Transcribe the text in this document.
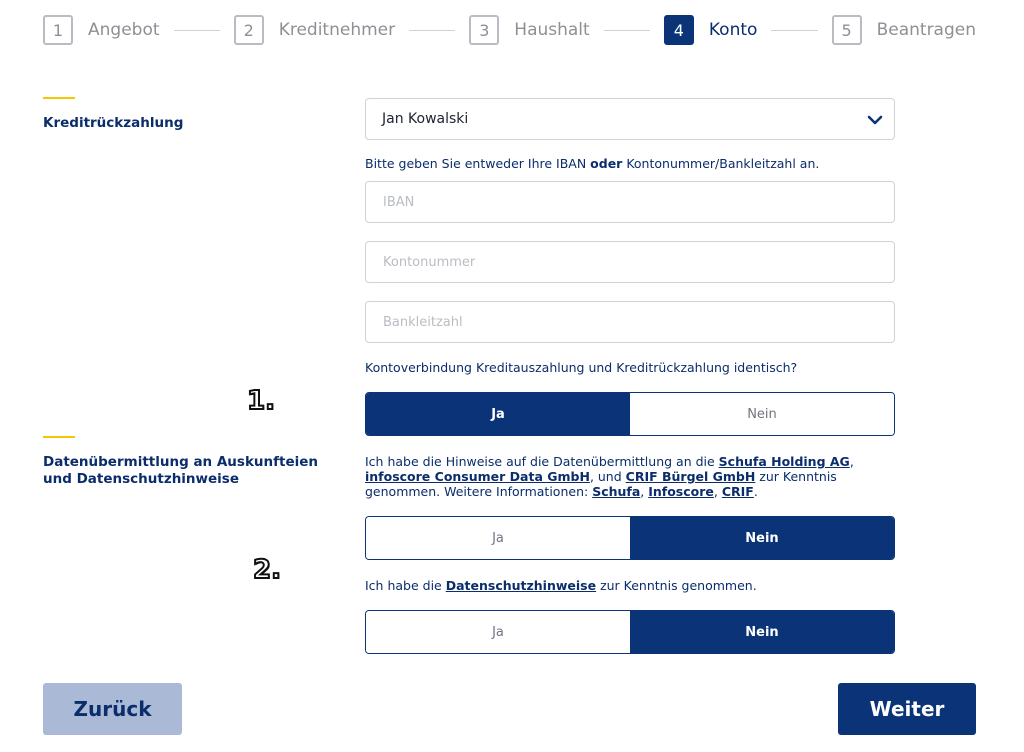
1	Angebot	2	Kreditnehmer	3	Haushalt	4	Konto	5	Beantragen
Kreditrückzahlung	Jan Kowalski
Bitte geben Sie entweder Ihre IBAN oder Kontonummer/Bankleitzahl an.
IBAN
Kontonummer
Bankleitzahl
Kontoverbindung Kreditauszahlung und Kreditrückzahlung identisch?
Ja	Nein
1.
Datenübermittlung an Auskunfteien und Datenschutzhinweise
Ich habe die Hinweise auf die Datenübermittlung an die Schufa Holding AG, infoscore Consumer Data GmbH, und CRIF Bürgel GmbH zur Kenntnis genommen. Weitere Informationen: Schufa, Infoscore, CRIF.
Ja	Nein
2.
Ich habe die Datenschutzhinweise zur Kenntnis genommen.
Ja	Nein
Zurück	Weiter
